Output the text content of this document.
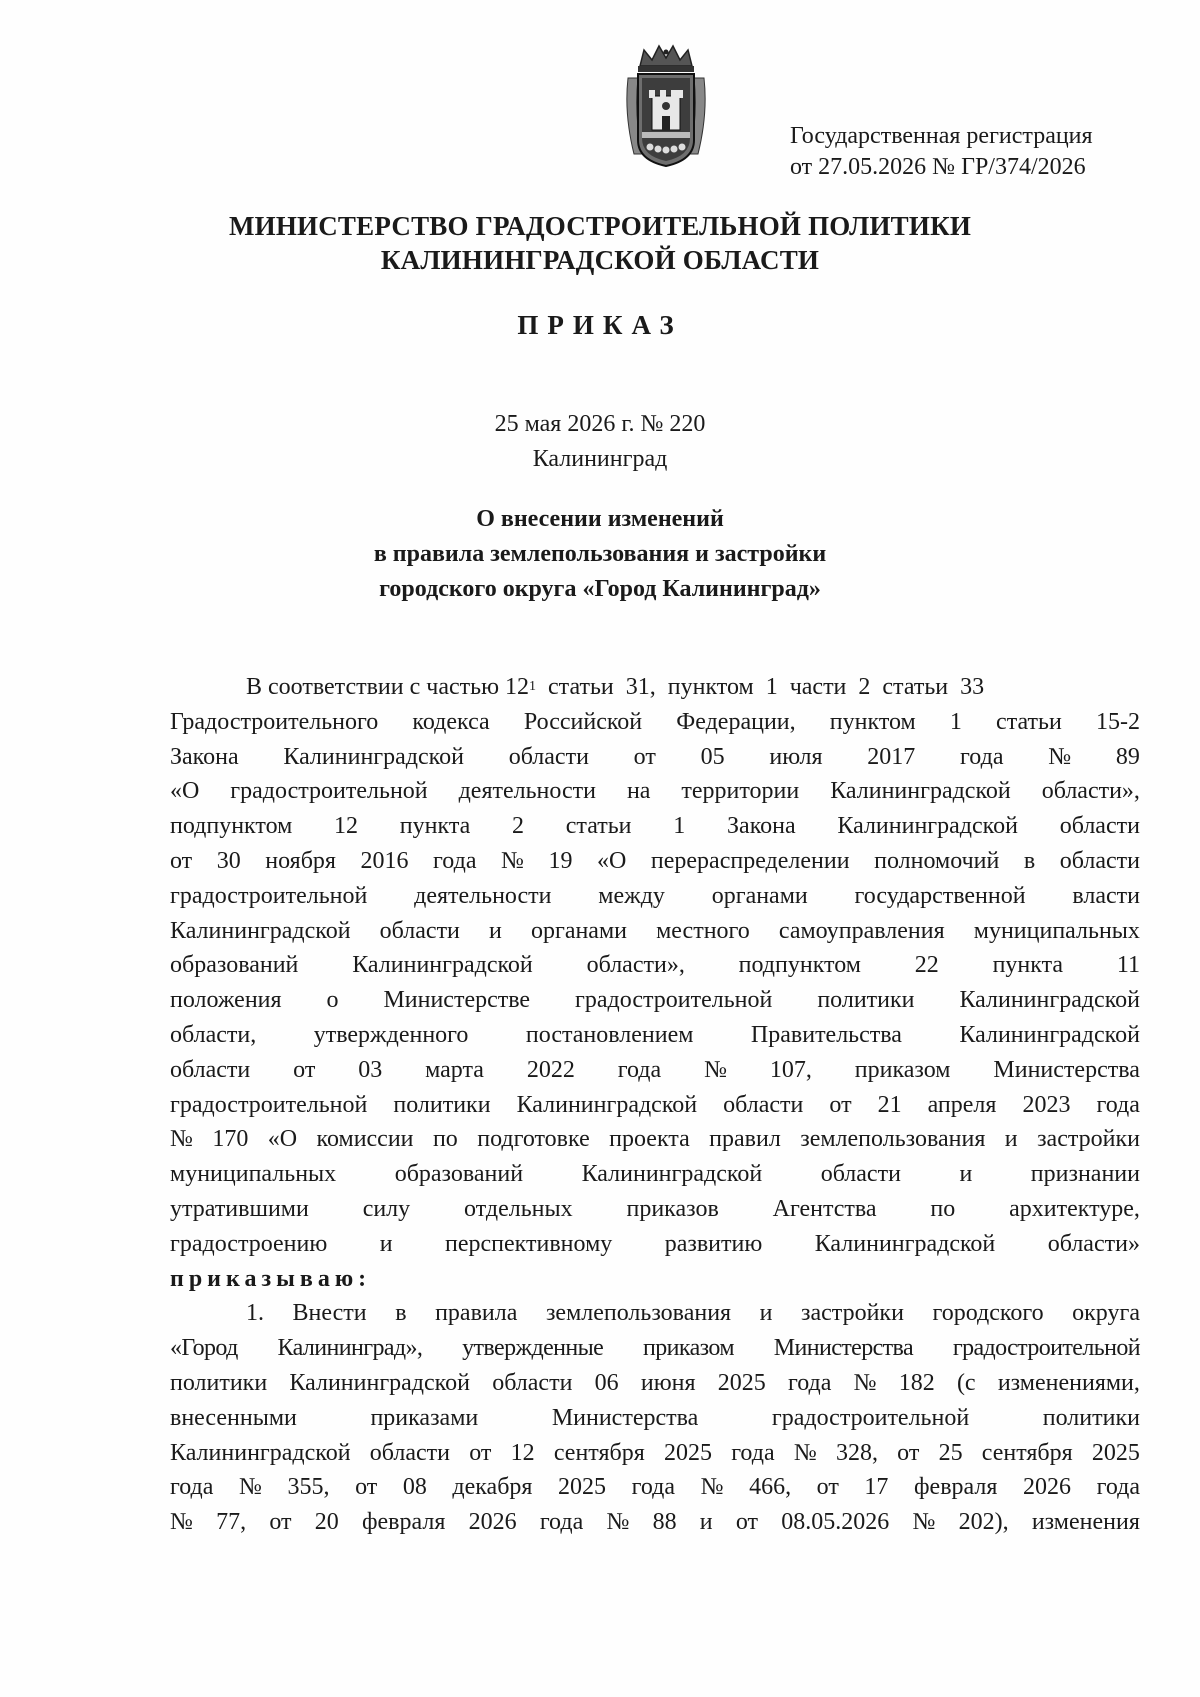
Государственная регистрация
от 27.05.2026 № ГР/374/2026
МИНИСТЕРСТВО ГРАДОСТРОИТЕЛЬНОЙ ПОЛИТИКИ
КАЛИНИНГРАДСКОЙ ОБЛАСТИ
ПРИКАЗ
25 мая 2026 г. № 220
Калининград
О внесении изменений
в правила землепользования и застройки
городского округа «Город Калининград»
В соответствии с частью 12 1 статьи 31, пунктом 1 части 2 статьи 33
Градостроительного кодекса Российской Федерации, пунктом 1 статьи 15-2
Закона Калининградской области от 05 июля 2017 года № 89
«О градостроительной деятельности на территории Калининградской области»,
подпунктом 12 пункта 2 статьи 1 Закона Калининградской области
от 30 ноября 2016 года № 19 «О перераспределении полномочий в области
градостроительной деятельности между органами государственной власти
Калининградской области и органами местного самоуправления муниципальных
образований Калининградской области», подпунктом 22 пункта 11
положения о Министерстве градостроительной политики Калининградской
области, утвержденного постановлением Правительства Калининградской
области от 03 марта 2022 года № 107, приказом Министерства
градостроительной политики Калининградской области от 21 апреля 2023 года
№ 170 «О комиссии по подготовке проекта правил землепользования и застройки
муниципальных образований Калининградской области и признании
утратившими силу отдельных приказов Агентства по архитектуре,
градостроению и перспективному развитию Калининградской области»
приказываю:
1. Внести в правила землепользования и застройки городского округа
«Город Калининград», утвержденные приказом Министерства градостроительной
политики Калининградской области 06 июня 2025 года № 182 (с изменениями,
внесенными	приказами	Министерства	градостроительной	политики
Калининградской области от 12 сентября 2025 года № 328, от 25 сентября 2025
года № 355, от 08 декабря 2025 года № 466, от 17 февраля 2026 года
№ 77, от 20 февраля 2026 года № 88 и от 08.05.2026 № 202), изменения
